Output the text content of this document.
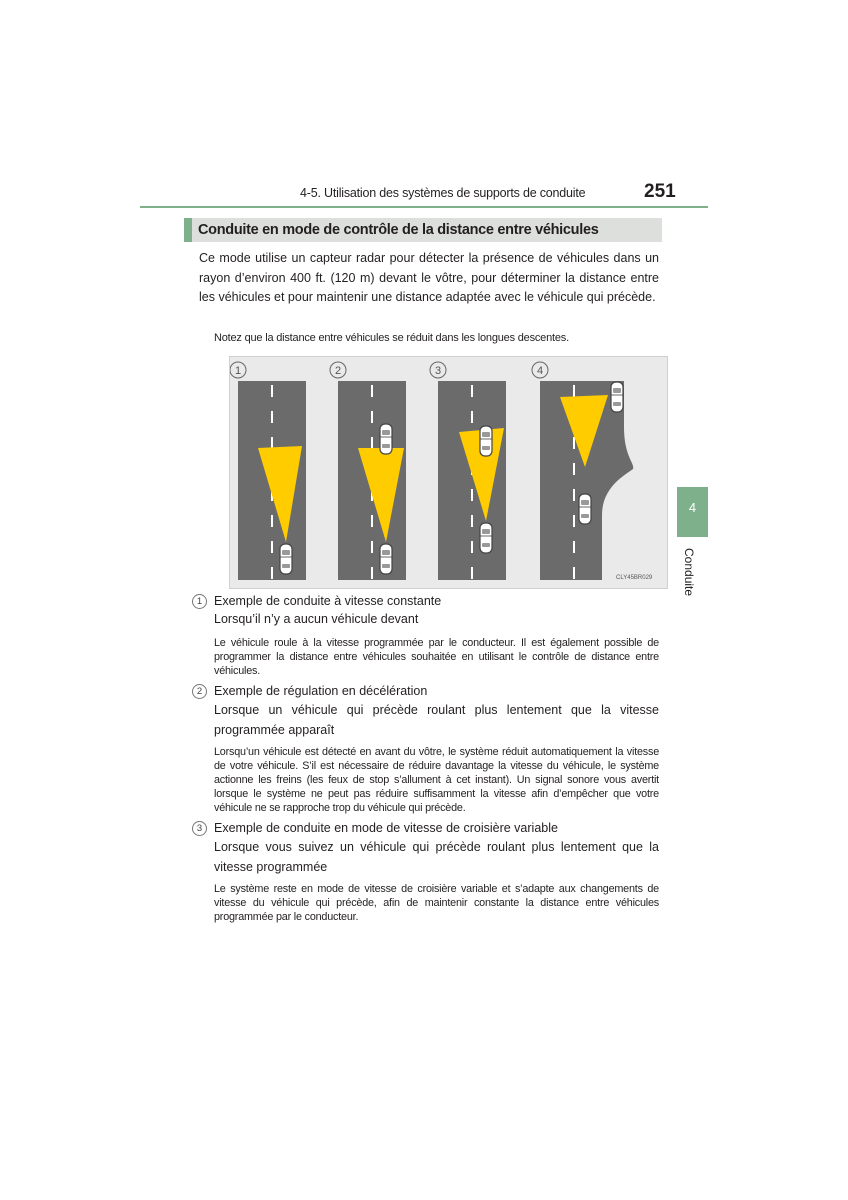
4-5. Utilisation des systèmes de supports de conduite	251
Conduite en mode de contrôle de la distance entre véhicules
Ce mode utilise un capteur radar pour détecter la présence de véhicules dans un rayon d’environ 400 ft. (120 m) devant le vôtre, pour déterminer la distance entre les véhicules et pour maintenir une distance adaptée avec le véhicule qui précède.
Notez que la distance entre véhicules se réduit dans les longues descentes.
1	2	3	4
CLY45BR029
1 Exemple de conduite à vitesse constante
Lorsqu’il n’y a aucun véhicule devant
Le véhicule roule à la vitesse programmée par le conducteur. Il est également possible de programmer la distance entre véhicules souhaitée en utilisant le contrôle de distance entre véhicules.
2 Exemple de régulation en décélération
Lorsque un véhicule qui précède roulant plus lentement que la vitesse programmée apparaît
Lorsqu’un véhicule est détecté en avant du vôtre, le système réduit automatiquement la vitesse de votre véhicule. S’il est nécessaire de réduire davantage la vitesse du véhicule, le système actionne les freins (les feux de stop s’allument à cet instant). Un signal sonore vous avertit lorsque le système ne peut pas réduire suffisamment la vitesse afin d’empêcher que votre véhicule ne se rapproche trop du véhicule qui précède.
3 Exemple de conduite en mode de vitesse de croisière variable
Lorsque vous suivez un véhicule qui précède roulant plus lentement que la vitesse programmée
Le système reste en mode de vitesse de croisière variable et s’adapte aux changements de vitesse du véhicule qui précède, afin de maintenir constante la distance entre véhicules programmée par le conducteur.
4
Conduite
